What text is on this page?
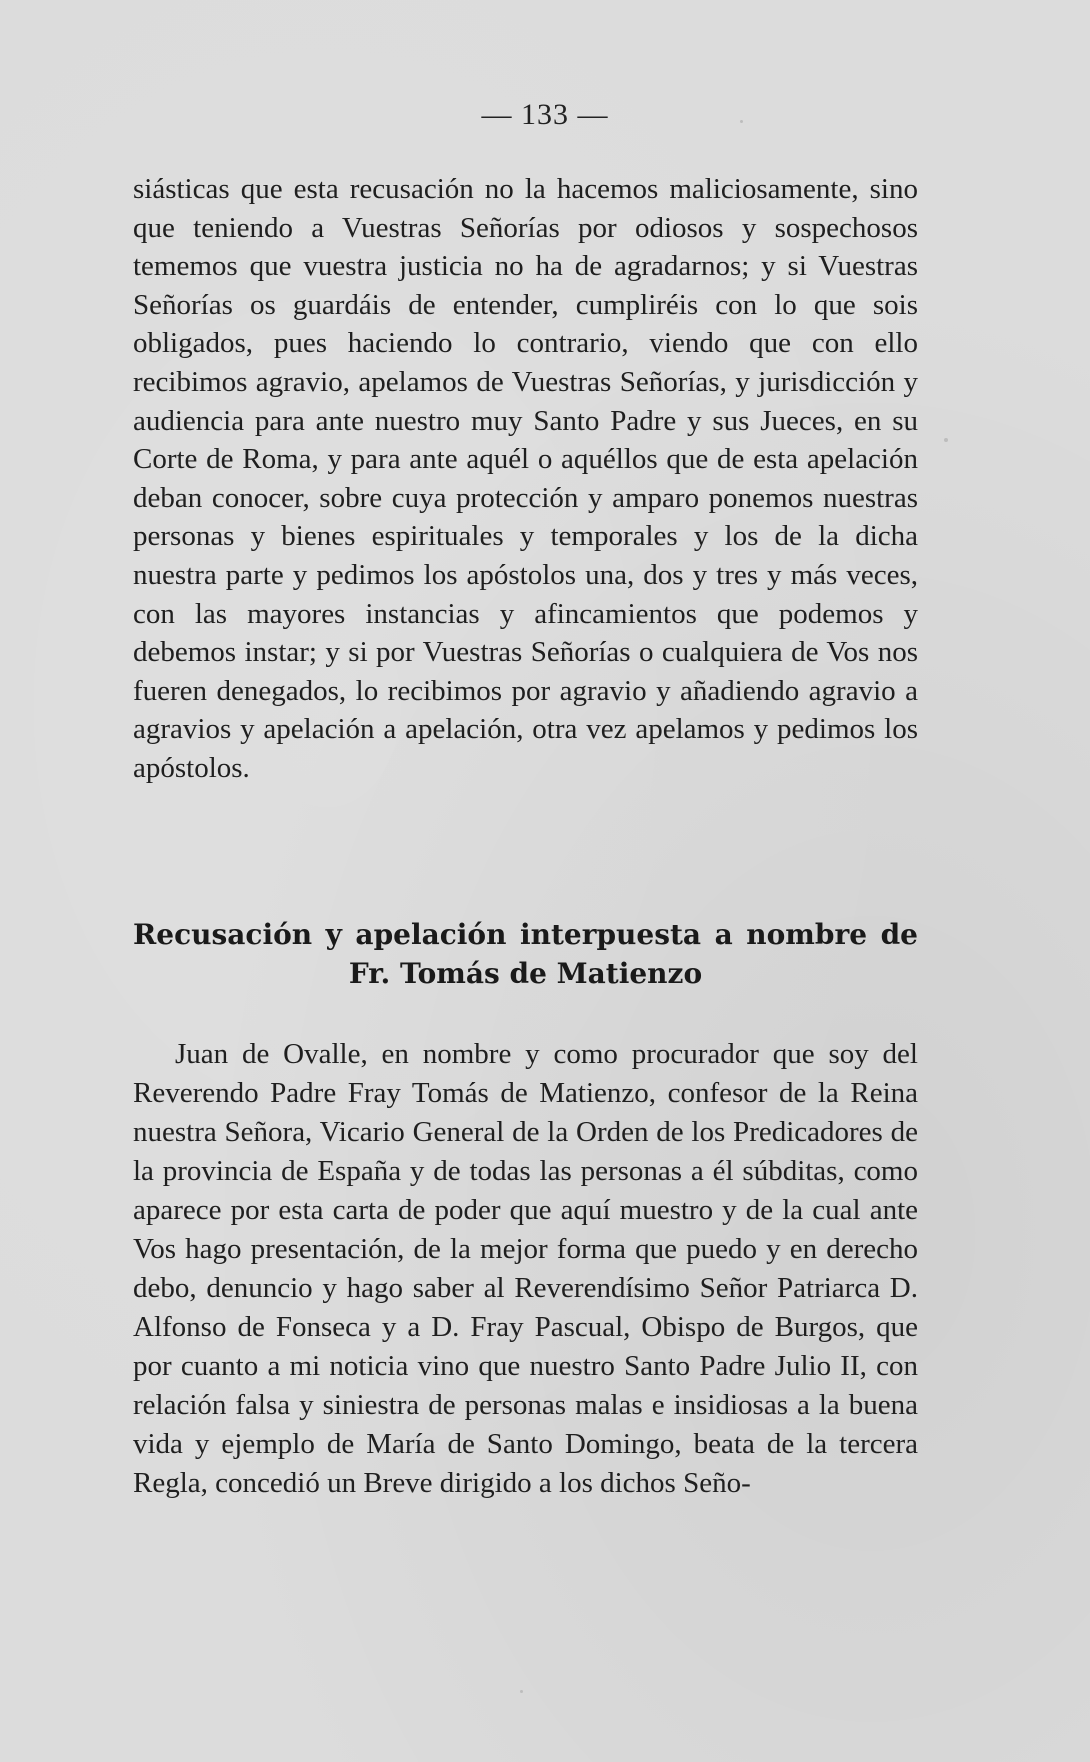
— 133 —
siásticas que esta recusación no la hacemos maliciosamente, sino que teniendo a Vuestras Señorías por odiosos y sospechosos tememos que vuestra justicia no ha de agradarnos; y si Vuestras Señorías os guardáis de entender, cumpliréis con lo que sois obligados, pues haciendo lo contrario, viendo que con ello recibimos agravio, apelamos de Vuestras Señorías, y jurisdicción y audiencia para ante nuestro muy Santo Padre y sus Jueces, en su Corte de Roma, y para ante aquél o aquéllos que de esta apelación deban conocer, sobre cuya protección y amparo ponemos nuestras personas y bienes espirituales y temporales y los de la dicha nuestra parte y pedimos los apóstolos una, dos y tres y más veces, con las mayores instancias y afincamientos que podemos y debemos instar; y si por Vuestras Señorías o cualquiera de Vos nos fueren denegados, lo recibimos por agravio y añadiendo agravio a agravios y apelación a apelación, otra vez apelamos y pedimos los apóstolos.
Recusación y apelación interpuesta a nombre de
Fr. Tomás de Matienzo
Juan de Ovalle, en nombre y como procurador que soy del Reverendo Padre Fray Tomás de Matienzo, confesor de la Reina nuestra Señora, Vicario General de la Orden de los Predicadores de la provincia de España y de todas las personas a él súbditas, como aparece por esta carta de poder que aquí muestro y de la cual ante Vos hago presentación, de la mejor forma que puedo y en derecho debo, denuncio y hago saber al Reverendísimo Señor Patriarca D. Alfonso de Fonseca y a D. Fray Pascual, Obispo de Burgos, que por cuanto a mi noticia vino que nuestro Santo Padre Julio II, con relación falsa y siniestra de personas malas e insidiosas a la buena vida y ejemplo de María de Santo Domingo, beata de la tercera Regla, concedió un Breve dirigido a los dichos Seño-
